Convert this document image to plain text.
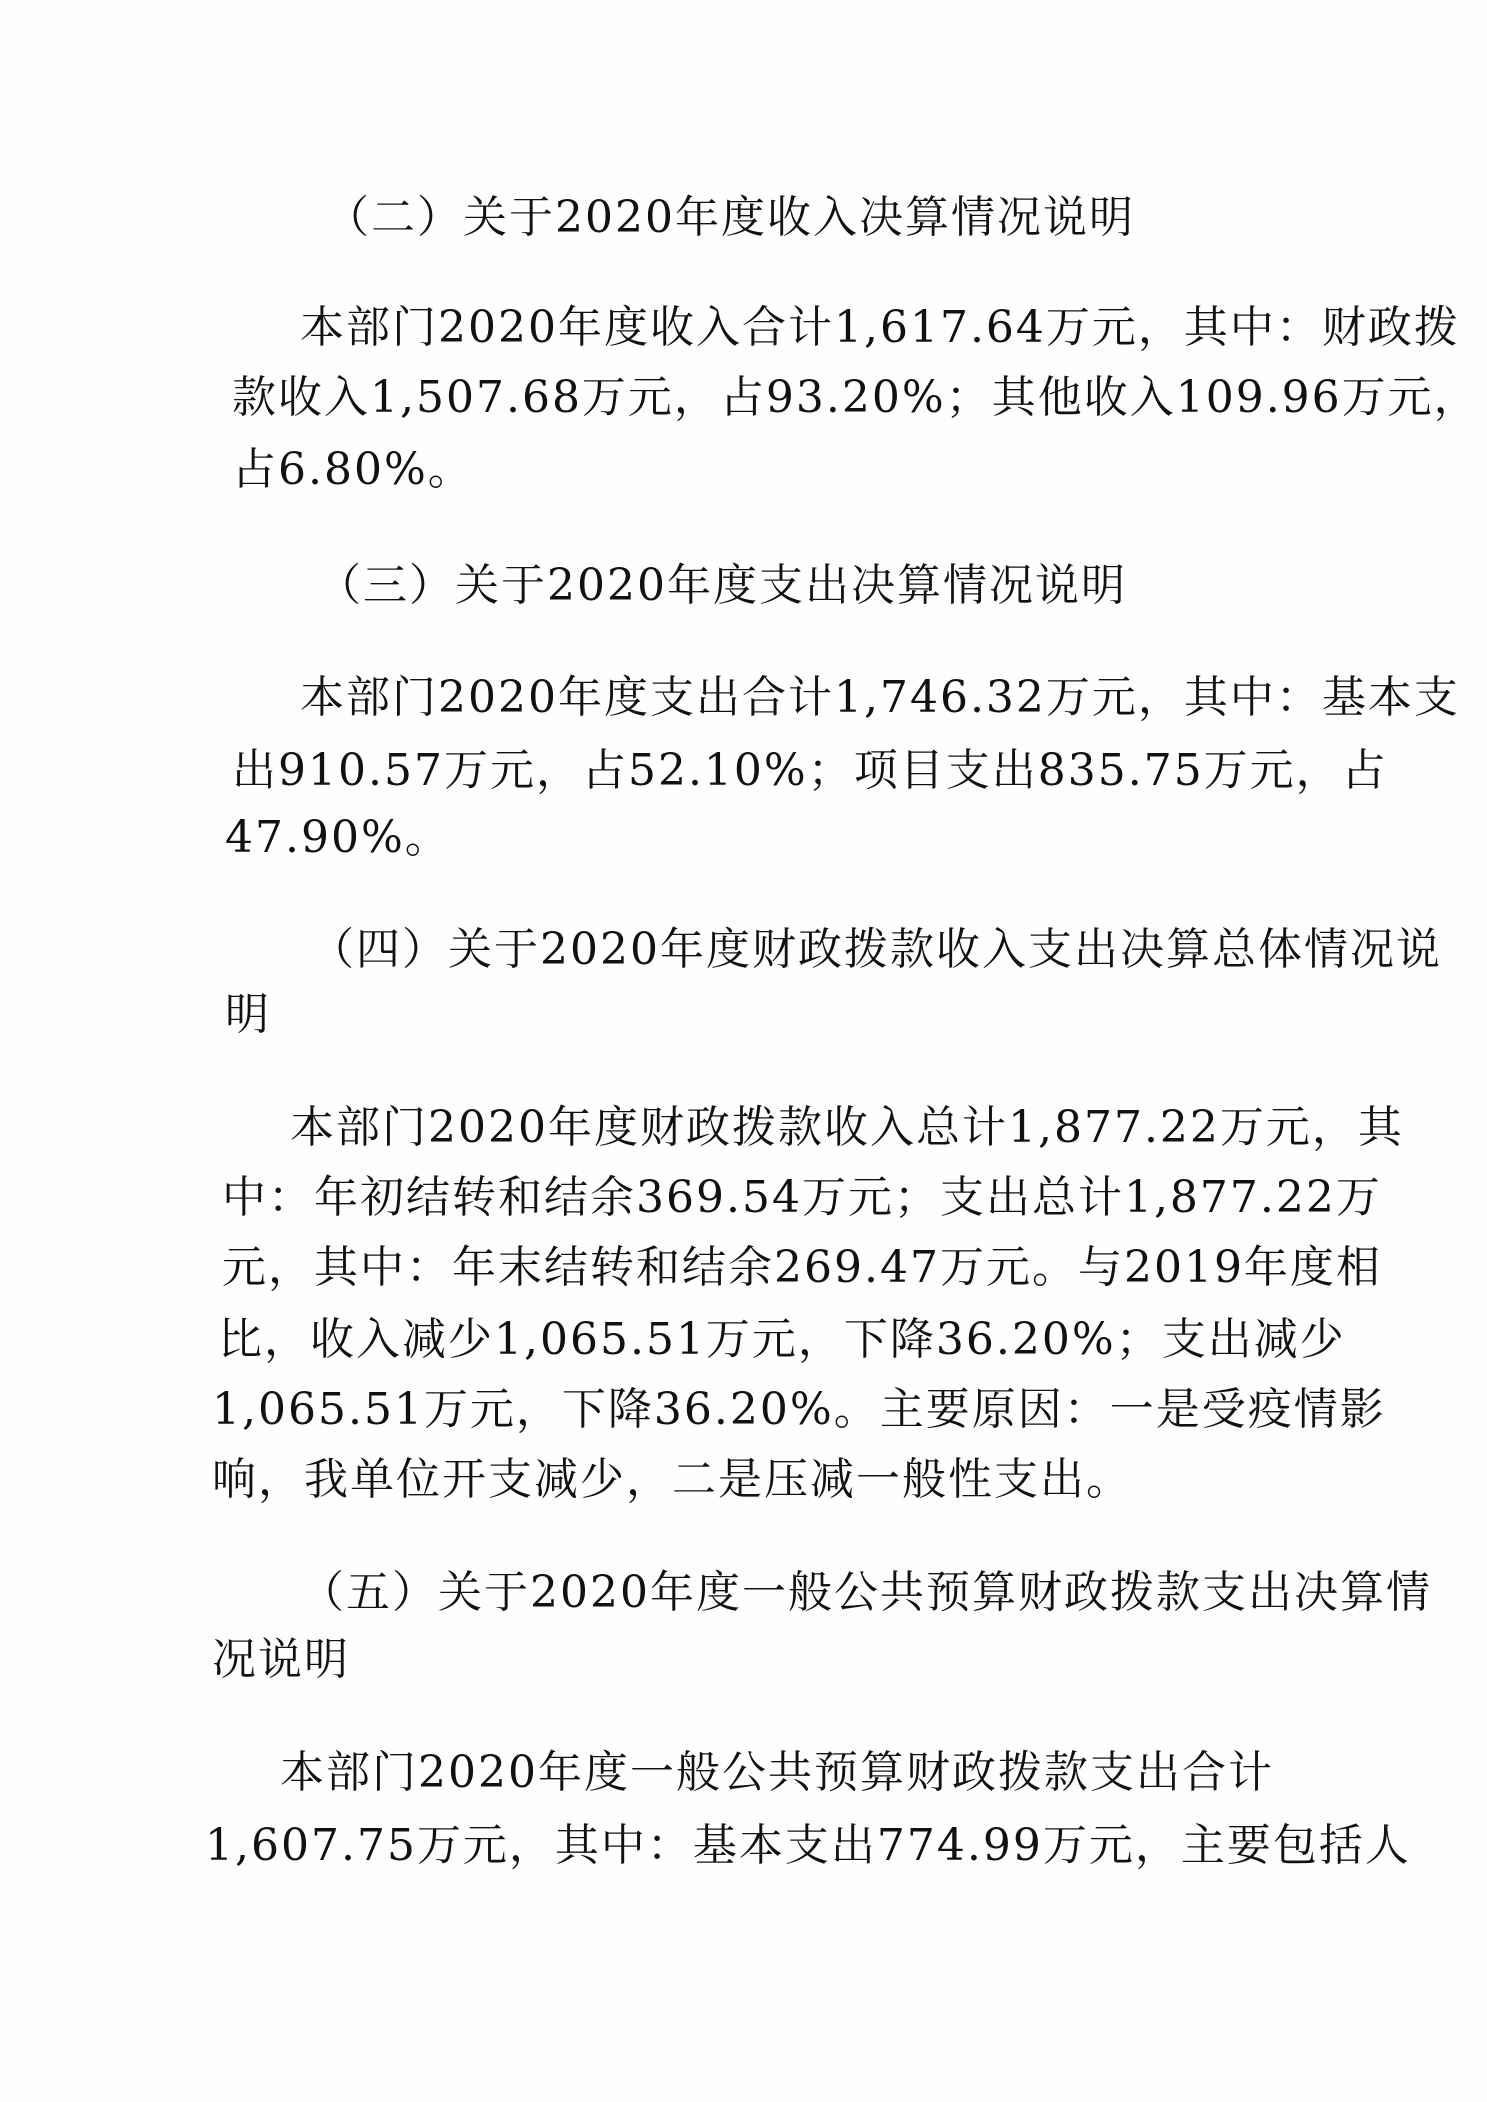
（二）关于2020年度收入决算情况说明
本部门2020年度收入合计1,617.64万元，其中：财政拨
款收入1,507.68万元，占93.20%；其他收入109.96万元，
占6.80%。
（三）关于2020年度支出决算情况说明
本部门2020年度支出合计1,746.32万元，其中：基本支
出910.57万元，占52.10%；项目支出835.75万元，占
47.90%。
（四）关于2020年度财政拨款收入支出决算总体情况说
明
本部门2020年度财政拨款收入总计1,877.22万元，其
中：年初结转和结余369.54万元；支出总计1,877.22万
元，其中：年末结转和结余269.47万元。与2019年度相
比，收入减少1,065.51万元，下降36.20%；支出减少
1,065.51万元，下降36.20%。主要原因：一是受疫情影
响，我单位开支减少，二是压减一般性支出。
（五）关于2020年度一般公共预算财政拨款支出决算情
况说明
本部门2020年度一般公共预算财政拨款支出合计
1,607.75万元，其中：基本支出774.99万元，主要包括人
